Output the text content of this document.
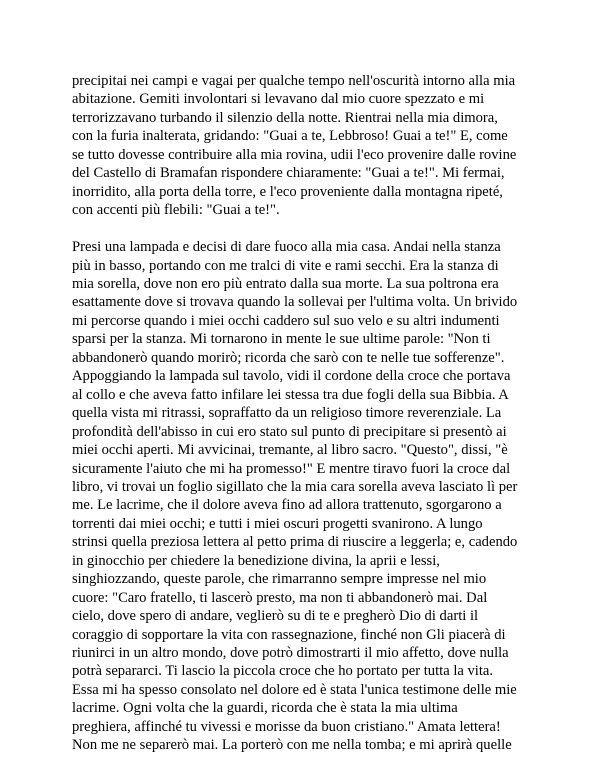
precipitai nei campi e vagai per qualche tempo nell'oscurità intorno alla mia
abitazione. Gemiti involontari si levavano dal mio cuore spezzato e mi
terrorizzavano turbando il silenzio della notte. Rientrai nella mia dimora,
con la furia inalterata, gridando: "Guai a te, Lebbroso! Guai a te!" E, come
se tutto dovesse contribuire alla mia rovina, udii l'eco provenire dalle rovine
del Castello di Bramafan rispondere chiaramente: "Guai a te!". Mi fermai,
inorridito, alla porta della torre, e l'eco proveniente dalla montagna ripeté,
con accenti più flebili: "Guai a te!".
Presi una lampada e decisi di dare fuoco alla mia casa. Andai nella stanza
più in basso, portando con me tralci di vite e rami secchi. Era la stanza di
mia sorella, dove non ero più entrato dalla sua morte. La sua poltrona era
esattamente dove si trovava quando la sollevai per l'ultima volta. Un brivido
mi percorse quando i miei occhi caddero sul suo velo e su altri indumenti
sparsi per la stanza. Mi tornarono in mente le sue ultime parole: "Non ti
abbandonerò quando morirò; ricorda che sarò con te nelle tue sofferenze".
Appoggiando la lampada sul tavolo, vidi il cordone della croce che portava
al collo e che aveva fatto infilare lei stessa tra due fogli della sua Bibbia. A
quella vista mi ritrassi, sopraffatto da un religioso timore reverenziale. La
profondità dell'abisso in cui ero stato sul punto di precipitare si presentò ai
miei occhi aperti. Mi avvicinai, tremante, al libro sacro. "Questo", dissi, "è
sicuramente l'aiuto che mi ha promesso!" E mentre tiravo fuori la croce dal
libro, vi trovai un foglio sigillato che la mia cara sorella aveva lasciato lì per
me. Le lacrime, che il dolore aveva fino ad allora trattenuto, sgorgarono a
torrenti dai miei occhi; e tutti i miei oscuri progetti svanirono. A lungo
strinsi quella preziosa lettera al petto prima di riuscire a leggerla; e, cadendo
in ginocchio per chiedere la benedizione divina, la aprii e lessi,
singhiozzando, queste parole, che rimarranno sempre impresse nel mio
cuore: "Caro fratello, ti lascerò presto, ma non ti abbandonerò mai. Dal
cielo, dove spero di andare, veglierò su di te e pregherò Dio di darti il
coraggio di sopportare la vita con rassegnazione, finché non Gli piacerà di
riunirci in un altro mondo, dove potrò dimostrarti il mio affetto, dove nulla
potrà separarci. Ti lascio la piccola croce che ho portato per tutta la vita.
Essa mi ha spesso consolato nel dolore ed è stata l'unica testimone delle mie
lacrime. Ogni volta che la guardi, ricorda che è stata la mia ultima
preghiera, affinché tu vivessi e morisse da buon cristiano." Amata lettera!
Non me ne separerò mai. La porterò con me nella tomba; e mi aprirà quelle
